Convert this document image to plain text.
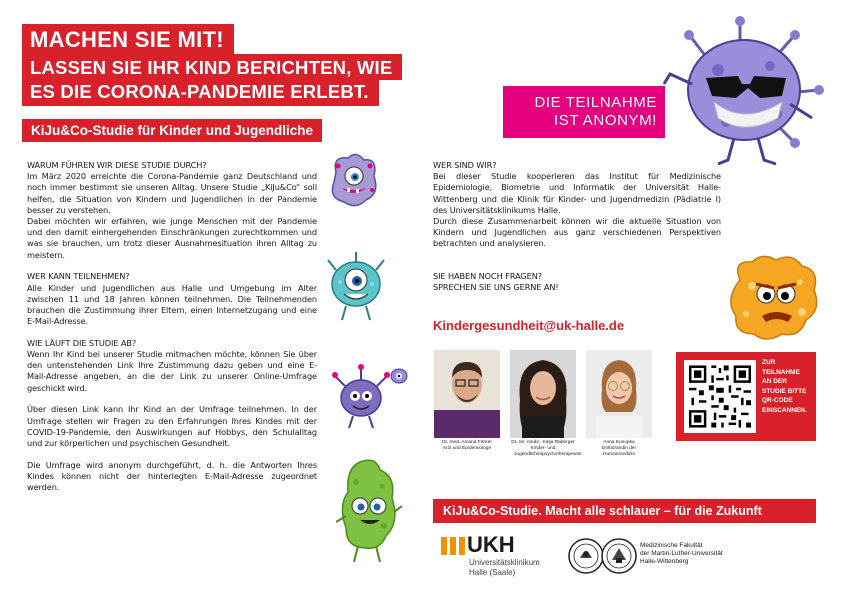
MACHEN SIE MIT!
LASSEN SIE IHR KIND BERICHTEN, WIE
ES DIE CORONA-PANDEMIE ERLEBT.
KiJu&Co-Studie für Kinder und Jugendliche
DIE TEILNAHME
IST ANONYM!

WARUM FÜHREN WIR DIESE STUDIE DURCH?

Im März 2020 erreichte die Corona-Pandemie ganz Deutschland und noch immer bestimmt sie unseren Alltag. Unsere Studie „KiJu&Co“ soll helfen, die Situation von Kindern und Jugendlichen in der Pandemie besser zu verstehen.

Dabei möchten wir erfahren, wie junge Menschen mit der Pandemie und den damit einhergehenden Einschränkungen zurechtkommen und was sie brauchen, um trotz dieser Ausnahmesituation ihren Alltag zu meistern.

WER KANN TEILNEHMEN?

Alle Kinder und Jugendlichen aus Halle und Umgebung im Alter zwischen 11 und 18 Jahren können teilnehmen. Die Teilnehmenden brauchen die Zustimmung ihrer Eltern, einen Internetzugang und eine E-Mail-Adresse.

WIE LÄUFT DIE STUDIE AB?

Wenn Ihr Kind bei unserer Studie mitmachen möchte, können Sie über den untenstehenden Link Ihre Zustimmung dazu geben und eine E-Mail-Adresse angeben, an die der Link zu unserer Online-Umfrage geschickt wird.

Über diesen Link kann Ihr Kind an der Umfrage teilnehmen. In der Umfrage stellen wir Fragen zu den Erfahrungen Ihres Kindes mit der COVID-19-Pandemie, den Auswirkungen auf Hobbys, den Schulalltag und zur körperlichen und psychischen Gesundheit.

Die Umfrage wird anonym durchgeführt, d. h. die Antworten Ihres Kindes können nicht der hinterlegten E-Mail-Adresse zugeordnet werden.

WER SIND WIR?

Bei dieser Studie kooperieren das Institut für Medizinische Epidemiologie, Biometrie und Informatik der Universität Halle-Wittenberg und die Klinik für Kinder- und Jugendmedizin (Pädiatrie I) des Universitätsklinikums Halle.

Durch diese Zusammenarbeit können wir die aktuelle Situation von Kindern und Jugendlichen aus ganz verschiedenen Perspektiven betrachten und analysieren.

SIE HABEN NOCH FRAGEN?

SPRECHEN SIE UNS GERNE AN!

Kindergesundheit@uk-halle.de
Dr. med. Amand Führer
Arzt und Epidemiologe
Dr. rer. medic. Katja Raberger
Kinder- und Jugendlichenpsychotherapeutin
Anna Konopka
Doktorandin der Humanmedizin
ZUR
TEILNAHME
AN DER
STUDIE BITTE
QR-CODE
EINSCANNEN.
KiJu&Co-Studie. Macht alle schlauer – für die Zukunft
UKH
Universitätsklinikum
Halle (Saale)
Medizinische Fakultät
der Martin-Luther-Universität
Halle-Wittenberg
